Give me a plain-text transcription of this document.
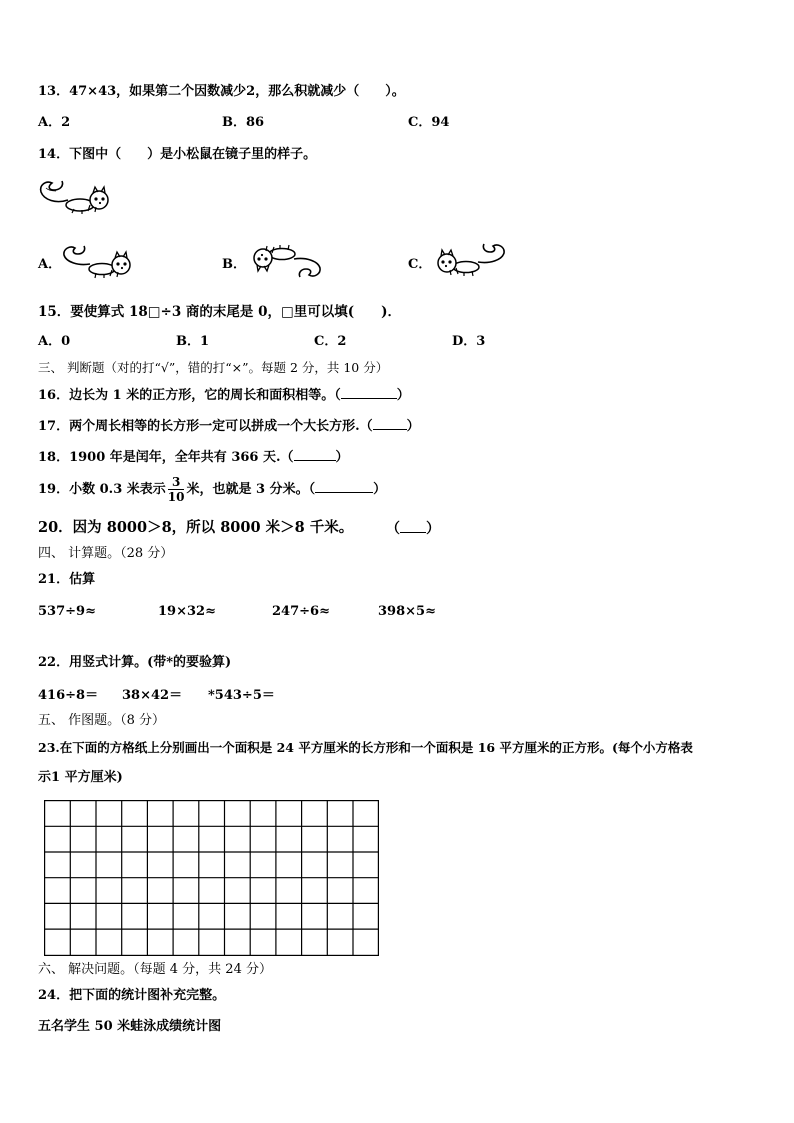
13．47×43，如果第二个因数减少2，那么积就减少（　　）。
A．2	B．86	C．94
14．下图中（　　）是小松鼠在镜子里的样子。
A．	B．	C．
15．要使算式 18□÷3 商的末尾是 0，□里可以填(　　)．
A．0	B．1	C．2	D．3
三、 判断题（对的打“√”，错的打“×”。每题 2 分，共 10 分）
16．边长为 1 米的正方形，它的周长和面积相等。（	）
17．两个周长相等的长方形一定可以拼成一个大长方形.（	）
18．1900 年是闰年，全年共有 366 天.（	）
19．小数 0.3 米表示 $\frac{3}{10}$ 米，也就是 3 分米。（	）
20．因为 8000＞8，所以 8000 米＞8 千米。 （ ）
四、 计算题。（28 分）
21．估算
537÷9≈	19×32≈	247÷6≈	398×5≈
22．用竖式计算。(带*的要验算)
416÷8＝ 38×42＝ *543÷5＝
五、 作图题。（8 分）
23.在下面的方格纸上分别画出一个面积是 24 平方厘米的长方形和一个面积是 16 平方厘米的正方形。(每个小方格表
示1 平方厘米)
六、 解决问题。（每题 4 分，共 24 分）
24．把下面的统计图补充完整。
五名学生 50 米蛙泳成绩统计图
